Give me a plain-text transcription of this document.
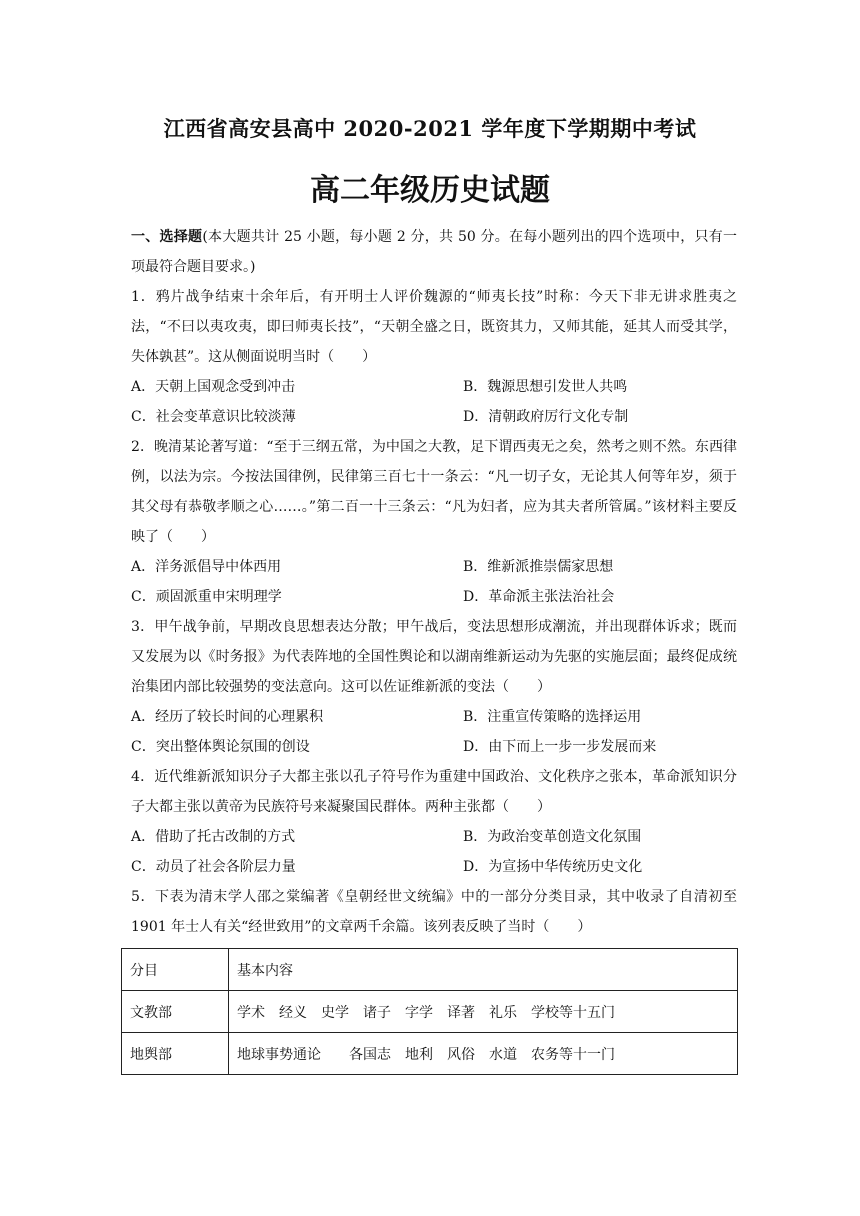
江西省高安县高中 2020-2021 学年度下学期期中考试
高二年级历史试题
一、选择题(本大题共计 25 小题，每小题 2 分，共 50 分。在每小题列出的四个选项中，只有一项最符合题目要求。)
1．鸦片战争结束十余年后，有开明士人评价魏源的“师夷长技”时称：今天下非无讲求胜夷之法，“不曰以夷攻夷，即曰师夷长技”，“天朝全盛之日，既资其力，又师其能，延其人而受其学，失体孰甚”。这从侧面说明当时（　　）
A．天朝上国观念受到冲击	B．魏源思想引发世人共鸣
C．社会变革意识比较淡薄	D．清朝政府厉行文化专制
2．晚清某论著写道：“至于三纲五常，为中国之大教，足下谓西夷无之矣，然考之则不然。东西律例，以法为宗。今按法国律例，民律第三百七十一条云：“凡一切子女，无论其人何等年岁，须于其父母有恭敬孝顺之心……。”第二百一十三条云：“凡为妇者，应为其夫者所管属。”该材料主要反映了（　　）
A．洋务派倡导中体西用	B．维新派推崇儒家思想
C．顽固派重申宋明理学	D．革命派主张法治社会
3．甲午战争前，早期改良思想表达分散；甲午战后，变法思想形成潮流，并出现群体诉求；既而又发展为以《时务报》为代表阵地的全国性舆论和以湖南维新运动为先驱的实施层面；最终促成统治集团内部比较强势的变法意向。这可以佐证维新派的变法（　　）
A．经历了较长时间的心理累积	B．注重宣传策略的选择运用
C．突出整体舆论氛围的创设	D．由下而上一步一步发展而来
4．近代维新派知识分子大都主张以孔子符号作为重建中国政治、文化秩序之张本，革命派知识分子大都主张以黄帝为民族符号来凝聚国民群体。两种主张都（　　）
A．借助了托古改制的方式	B．为政治变革创造文化氛围
C．动员了社会各阶层力量	D．为宣扬中华传统历史文化
5．下表为清末学人邵之棠编著《皇朝经世文统编》中的一部分分类目录，其中收录了自清初至 1901 年士人有关“经世致用”的文章两千余篇。该列表反映了当时（　　）
分目	基本内容
文教部	学术　经义　史学　诸子　字学　译著　礼乐　学校等十五门
地舆部	地球事势通论　　各国志　地利　风俗　水道　农务等十一门
